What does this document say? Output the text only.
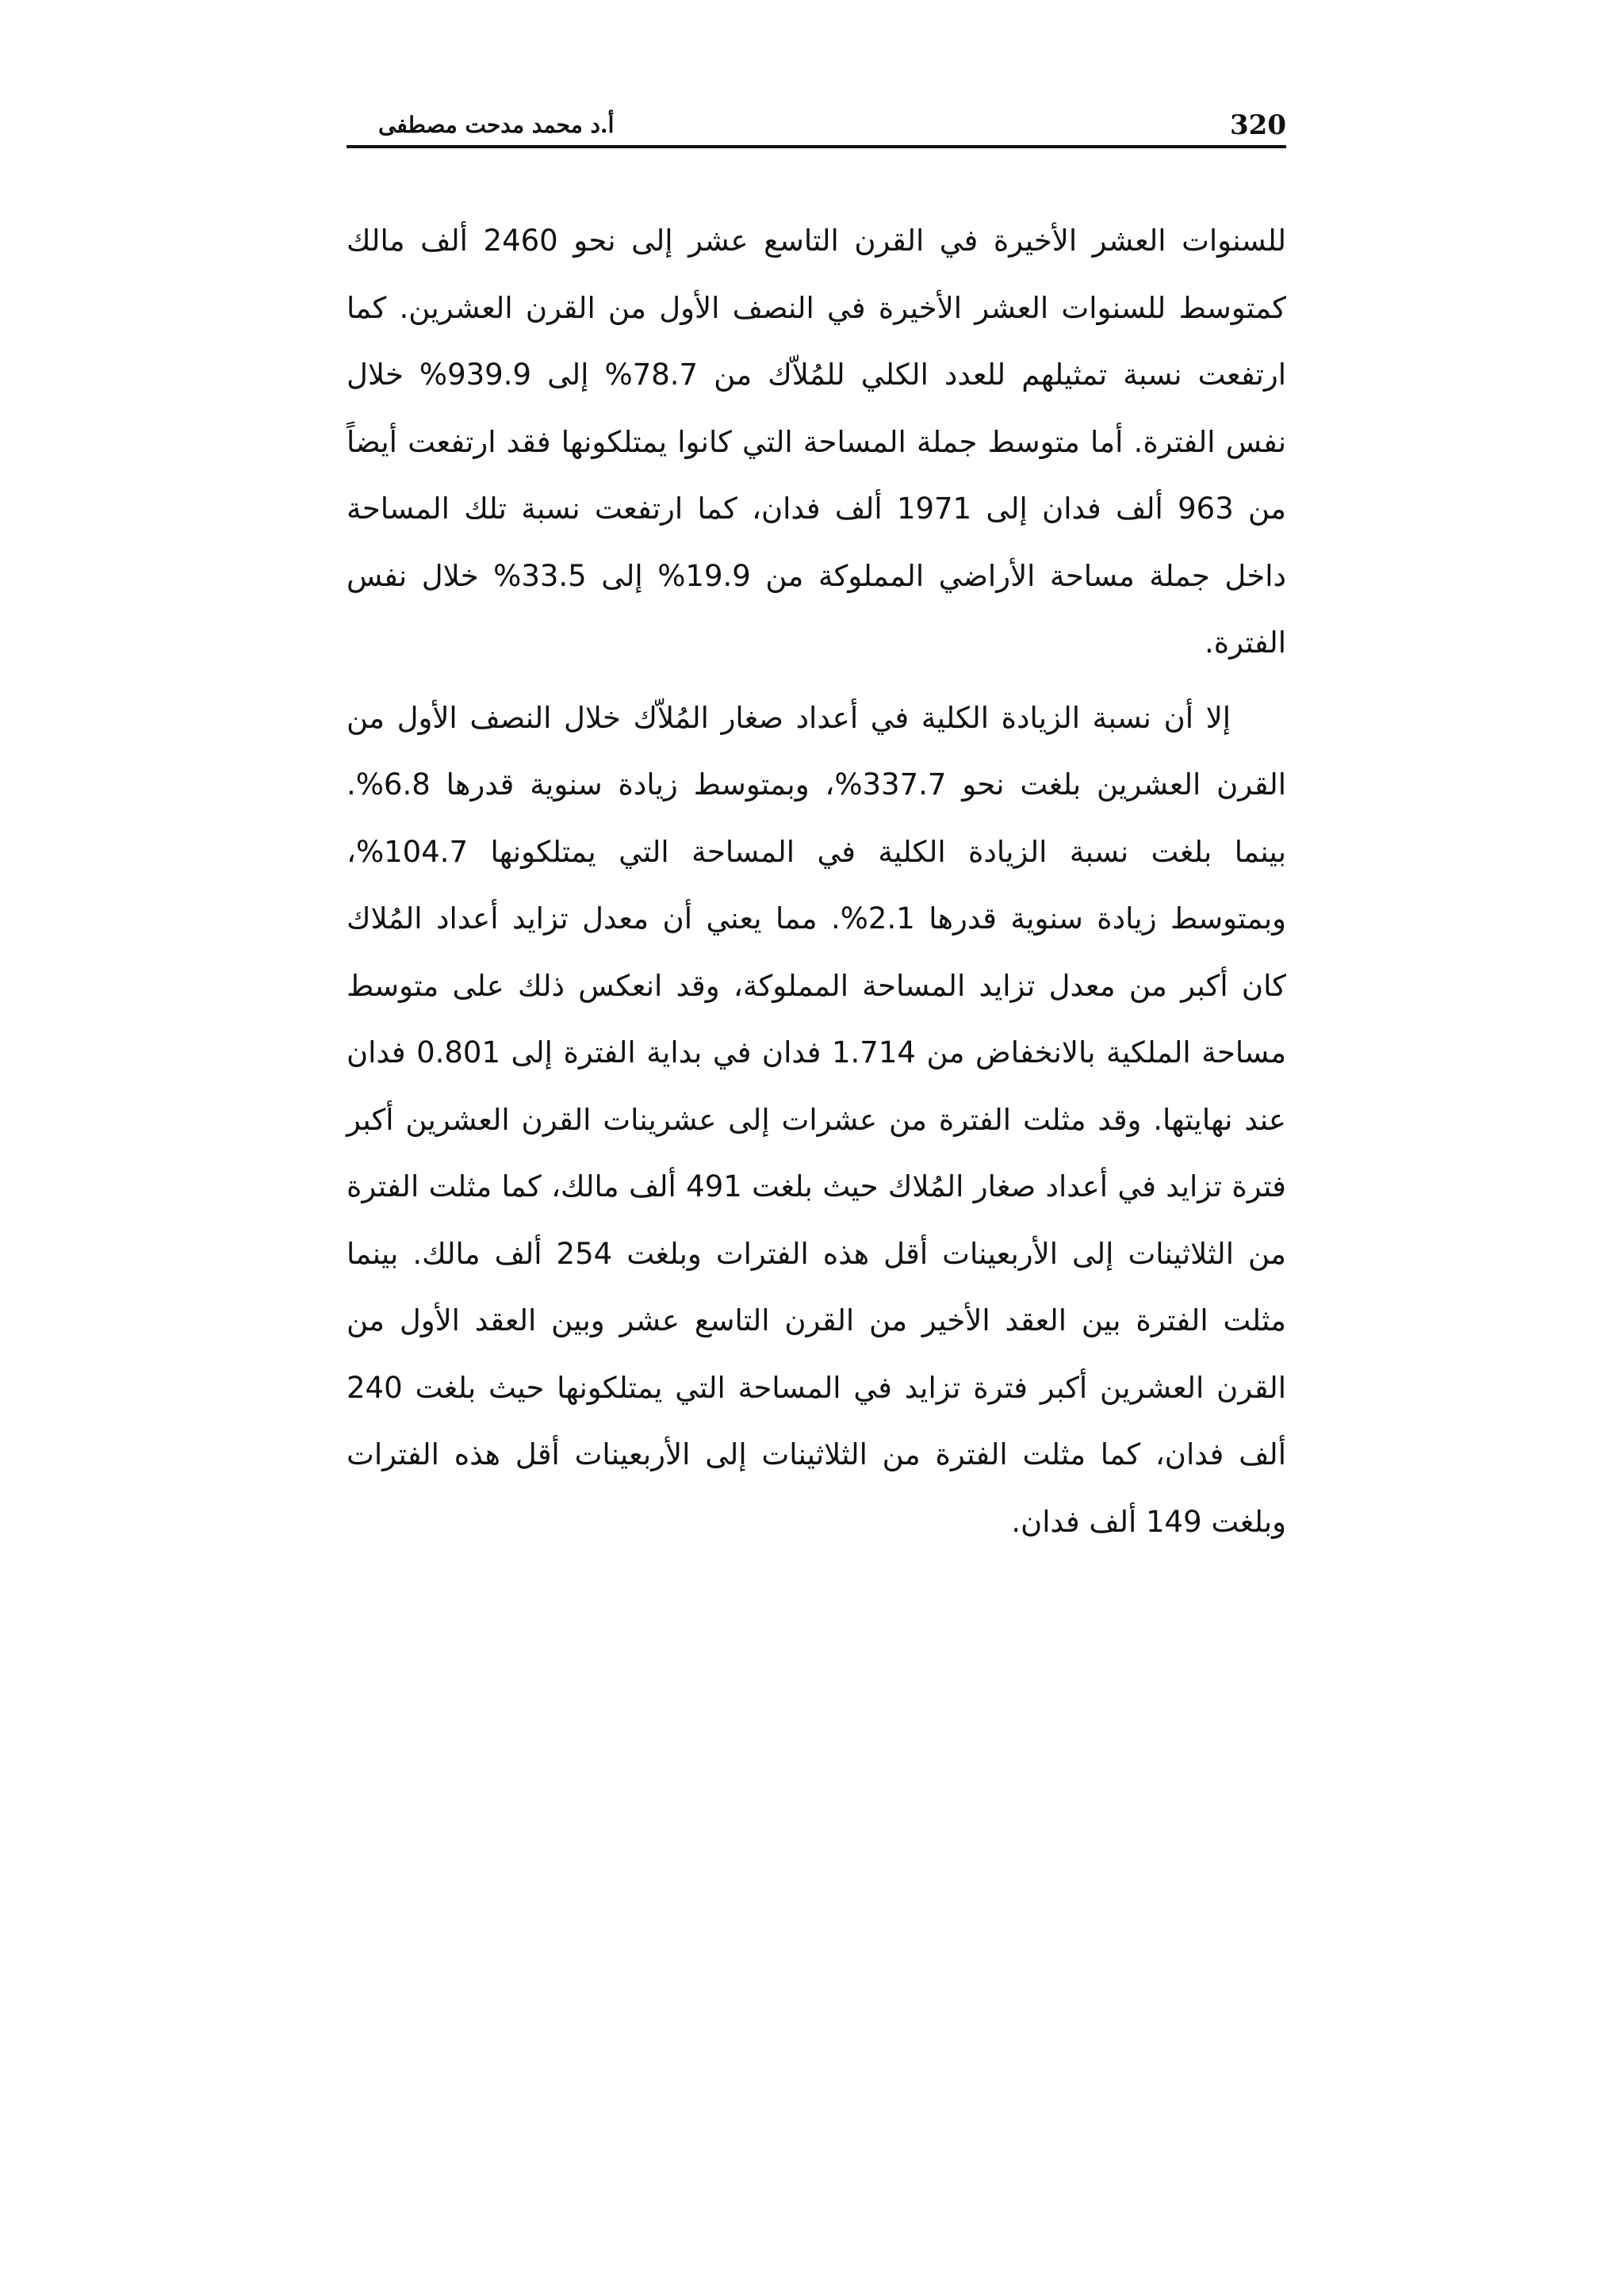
320
أ.د محمد مدحت مصطفى

للسنوات العشر الأخيرة في القرن التاسع عشر إلى نحو 2460 ألف مالك كمتوسط للسنوات العشر الأخيرة في النصف الأول من القرن العشرين. كما ارتفعت نسبة تمثيلهم للعدد الكلي للمُلاّك من 78.7% إلى 939.9% خلال نفس الفترة. أما متوسط جملة المساحة التي كانوا يمتلكونها فقد ارتفعت أيضاً من 963 ألف فدان إلى 1971 ألف فدان، كما ارتفعت نسبة تلك المساحة داخل جملة مساحة الأراضي المملوكة من 19.9% إلى 33.5% خلال نفس الفترة.

إلا أن نسبة الزيادة الكلية في أعداد صغار المُلاّك خلال النصف الأول من القرن العشرين بلغت نحو 337.7%، وبمتوسط زيادة سنوية قدرها 6.8%. بينما بلغت نسبة الزيادة الكلية في المساحة التي يمتلكونها 104.7%، وبمتوسط زيادة سنوية قدرها 2.1%. مما يعني أن معدل تزايد أعداد المُلاك كان أكبر من معدل تزايد المساحة المملوكة، وقد انعكس ذلك على متوسط مساحة الملكية بالانخفاض من 1.714 فدان في بداية الفترة إلى 0.801 فدان عند نهايتها. وقد مثلت الفترة من عشرات إلى عشرينات القرن العشرين أكبر فترة تزايد في أعداد صغار المُلاك حيث بلغت 491 ألف مالك، كما مثلت الفترة من الثلاثينات إلى الأربعينات أقل هذه الفترات وبلغت 254 ألف مالك. بينما مثلت الفترة بين العقد الأخير من القرن التاسع عشر وبين العقد الأول من القرن العشرين أكبر فترة تزايد في المساحة التي يمتلكونها حيث بلغت 240 ألف فدان، كما مثلت الفترة من الثلاثينات إلى الأربعينات أقل هذه الفترات وبلغت 149 ألف فدان.
